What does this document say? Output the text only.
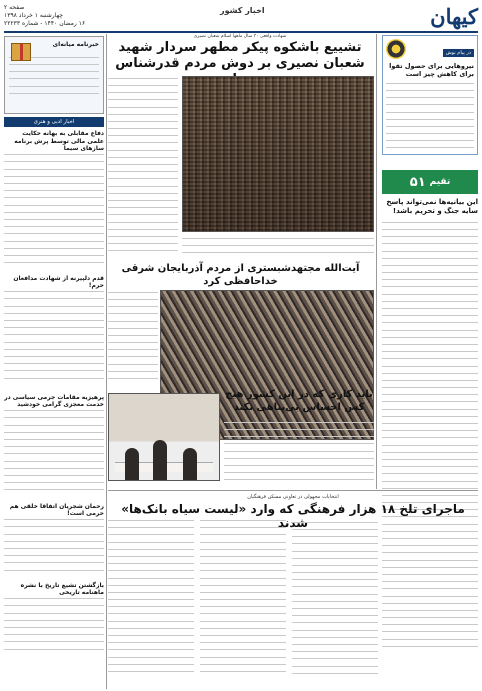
کیهان
صفحه ۲
چهارشنبه ۱ خرداد ۱۳۹۸
۱۶ رمضان ۱۴۴۰ - شماره ۲۲۲۳۳
اخبار کشور
در پیام نوش
نیروهایی برای حصول تقوا برای کاهش چیز است
تقیم
۵۱
این بیانیه‌ها نمی‌تواند پاسخ سایه جنگ و تحریم باشد!
شهادت واقعی ۳۰ سال ماهها اسلام شعبان نصیری
تشییع باشکوه پیکر مطهر سردار شهید شعبان نصیری بر دوش مردم قدرشناس
آیت‌الله مجتهدشبستری از مردم آذربایجان شرقی خداحافظی کرد
باید کاری که در این کشور هیچ کس احساس بی‌پناهی نکند
انتخابات مجهولی در تعاونی مسکن فرهنگیان
ماجرای تلخ ۱۸ هزار فرهنگی که وارد «لیست سیاه بانک‌ها» شدند
خبرنامه میانه‌ای
اخبار ادبی و هنری
دفاع مقابلی به بهانه حکایت علمی مالی توسط پرش برنامه سازهای سیما
قدم دلپیرنه از شهادت مدافعان حرم!
پرهیزیه مقامات جرمی سیاسی در خدمت معجزی گرامی خودشید
رحمان شجریان اتفاقا خلقی هم حرمی است!
بازگشتن تشیع تاریخ با نشره ماهنامه تاریخی
